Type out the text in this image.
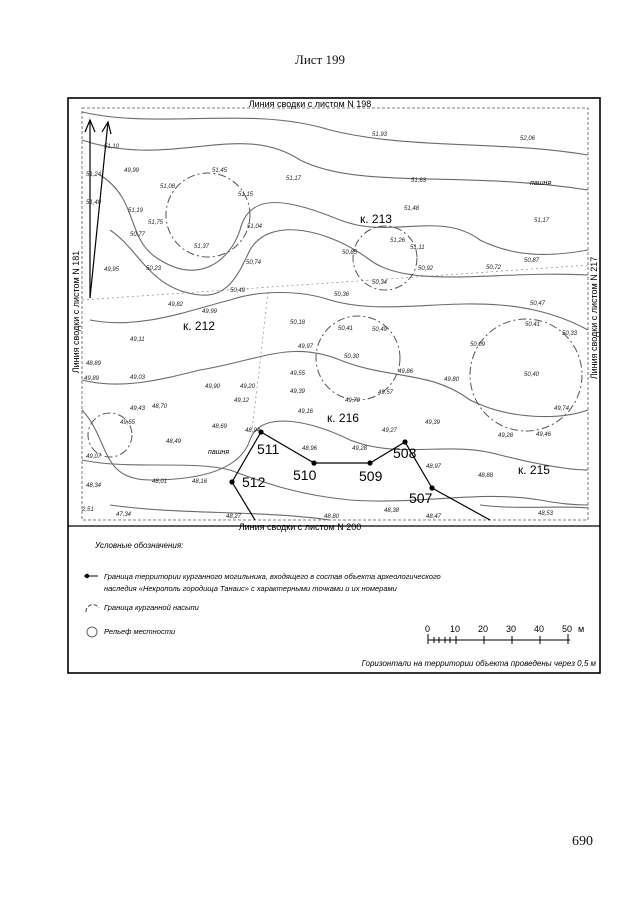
Лист 199
Линия сводки с листом N 198
Линия сводки с листом N 200
Линия сводки с листом N 181	Линия сводки с листом N 217
к. 213
к. 212
к. 216
к. 215
511
510	509
508
512
507
пашня
пашня
51,10
51,93
52,06
51,24
49,99
51,08
51,45
51,17	51,63
51,40
51,19
51,15
51,48
51,75
51,04
51,17
50,77
51,37
51,26
51,11
50,23
50,74
50,85
50,92	50,72
50,87
49,95
50,49
50,34
50,36
50,47
49,82
49,99
50,18
50,41	50,49
50,41
50,33
49,11
49,97
50,30
50,09
48,89
50,40
49,89	49,03
49,90	49,20
49,55	49,86
49,80
48,70
49,43
49,12
49,39
49,70
49,57
49,74
49,55
49,16
49,39
48,69
48,94
48,49
49,27
49,28	49,46
49,07
48,96	49,28
48,97
48,88
48,34
48,01	48,16
2,51
47,34	48,27	48,80
48,38
48,47	48,53
Условные обозначения:
Граница территории курганного могильника, входящего в состав объекта археологического
наследия «Некрополь городища Танаис» с характерными точками и их номерами
Граница курганной насыпи
Рельеф местности	0 10 20 30 40 50 м
Горизонтали на территории объекта проведены через 0,5 м
690
